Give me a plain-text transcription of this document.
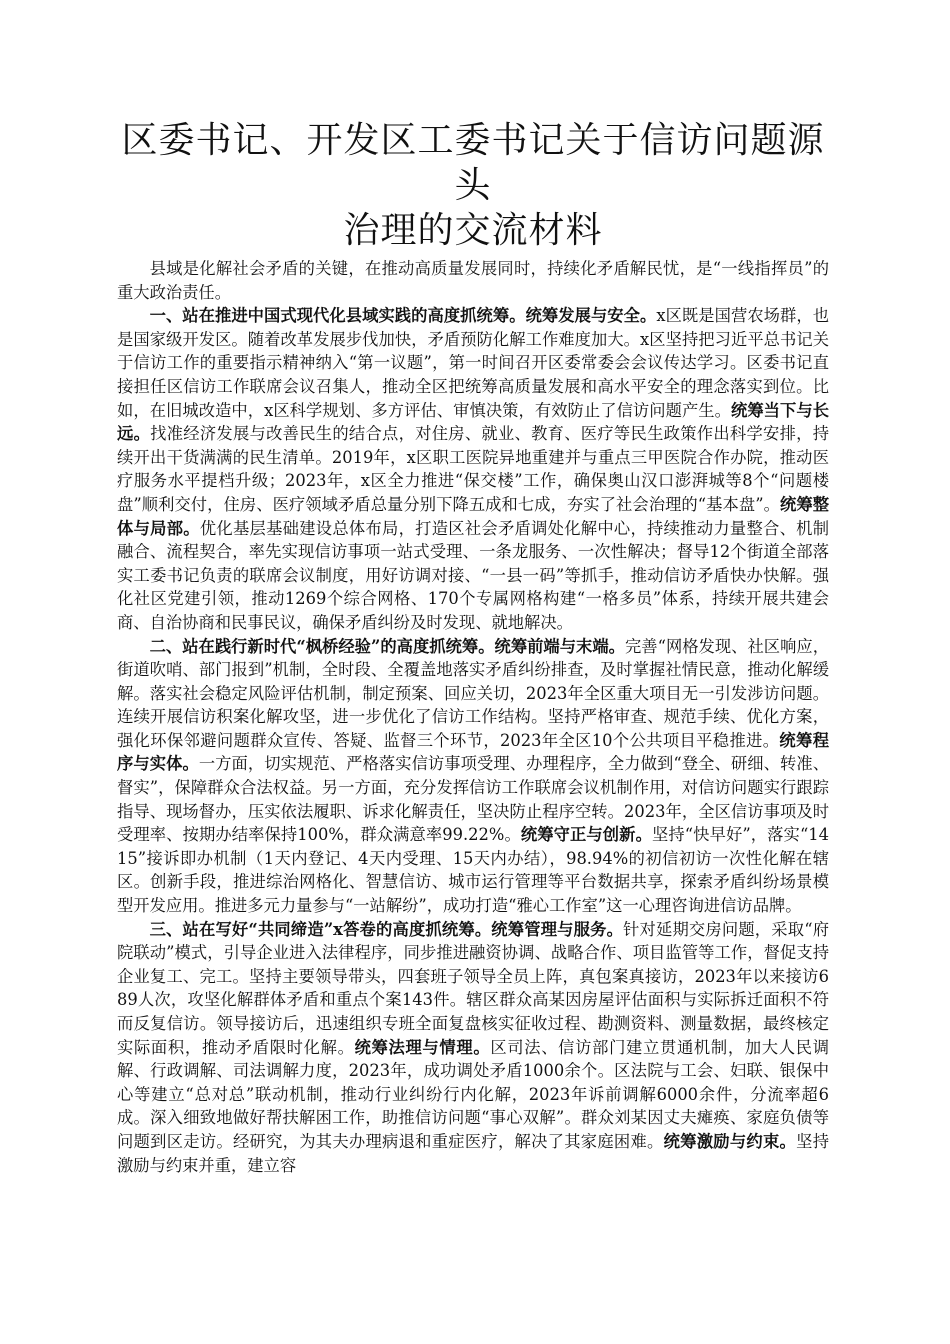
区委书记、开发区工委书记关于信访问题源头
治理的交流材料

县域是化解社会矛盾的关键，在推动高质量发展同时，持续化矛盾解民忧，是“一线指挥员”的重大政治责任。

一、站在推进中国式现代化县域实践的高度抓统筹。统筹发展与安全。x区既是国营农场群，也是国家级开发区。随着改革发展步伐加快，矛盾预防化解工作难度加大。x区坚持把习近平总书记关于信访工作的重要指示精神纳入“第一议题”，第一时间召开区委常委会会议传达学习。区委书记直接担任区信访工作联席会议召集人，推动全区把统筹高质量发展和高水平安全的理念落实到位。比如，在旧城改造中，x区科学规划、多方评估、审慎决策，有效防止了信访问题产生。统筹当下与长远。找准经济发展与改善民生的结合点，对住房、就业、教育、医疗等民生政策作出科学安排，持续开出干货满满的民生清单。2019年，x区职工医院异地重建并与重点三甲医院合作办院，推动医疗服务水平提档升级；2023年，x区全力推进“保交楼”工作，确保奥山汉口澎湃城等8个“问题楼盘”顺利交付，住房、医疗领域矛盾总量分别下降五成和七成，夯实了社会治理的“基本盘”。统筹整体与局部。优化基层基础建设总体布局，打造区社会矛盾调处化解中心，持续推动力量整合、机制融合、流程契合，率先实现信访事项一站式受理、一条龙服务、一次性解决；督导12个街道全部落实工委书记负责的联席会议制度，用好访调对接、“一县一码”等抓手，推动信访矛盾快办快解。强化社区党建引领，推动1269个综合网格、170个专属网格构建“一格多员”体系，持续开展共建会商、自治协商和民事民议，确保矛盾纠纷及时发现、就地解决。

二、站在践行新时代“枫桥经验”的高度抓统筹。统筹前端与末端。完善“网格发现、社区响应，街道吹哨、部门报到”机制，全时段、全覆盖地落实矛盾纠纷排查，及时掌握社情民意，推动化解缓解。落实社会稳定风险评估机制，制定预案、回应关切，2023年全区重大项目无一引发涉访问题。连续开展信访积案化解攻坚，进一步优化了信访工作结构。坚持严格审查、规范手续、优化方案，强化环保邻避问题群众宣传、答疑、监督三个环节，2023年全区10个公共项目平稳推进。统筹程序与实体。一方面，切实规范、严格落实信访事项受理、办理程序，全力做到“登全、研细、转准、督实”，保障群众合法权益。另一方面，充分发挥信访工作联席会议机制作用，对信访问题实行跟踪指导、现场督办，压实依法履职、诉求化解责任，坚决防止程序空转。2023年，全区信访事项及时受理率、按期办结率保持100%，群众满意率99.22%。统筹守正与创新。坚持“快早好”，落实“1415”接诉即办机制（1天内登记、4天内受理、15天内办结），98.94%的初信初访一次性化解在辖区。创新手段，推进综治网格化、智慧信访、城市运行管理等平台数据共享，探索矛盾纠纷场景模型开发应用。推进多元力量参与“一站解纷”，成功打造“雅心工作室”这一心理咨询进信访品牌。

三、站在写好“共同缔造”x答卷的高度抓统筹。统筹管理与服务。针对延期交房问题，采取“府院联动”模式，引导企业进入法律程序，同步推进融资协调、战略合作、项目监管等工作，督促支持企业复工、完工。坚持主要领导带头，四套班子领导全员上阵，真包案真接访，2023年以来接访689人次，攻坚化解群体矛盾和重点个案143件。辖区群众高某因房屋评估面积与实际拆迁面积不符而反复信访。领导接访后，迅速组织专班全面复盘核实征收过程、勘测资料、测量数据，最终核定实际面积，推动矛盾限时化解。统筹法理与情理。区司法、信访部门建立贯通机制，加大人民调解、行政调解、司法调解力度，2023年，成功调处矛盾1000余个。区法院与工会、妇联、银保中心等建立“总对总”联动机制，推动行业纠纷行内化解，2023年诉前调解6000余件，分流率超6成。深入细致地做好帮扶解困工作，助推信访问题“事心双解”。群众刘某因丈夫瘫痪、家庭负债等问题到区走访。经研究，为其夫办理病退和重症医疗，解决了其家庭困难。统筹激励与约束。坚持激励与约束并重，建立容
